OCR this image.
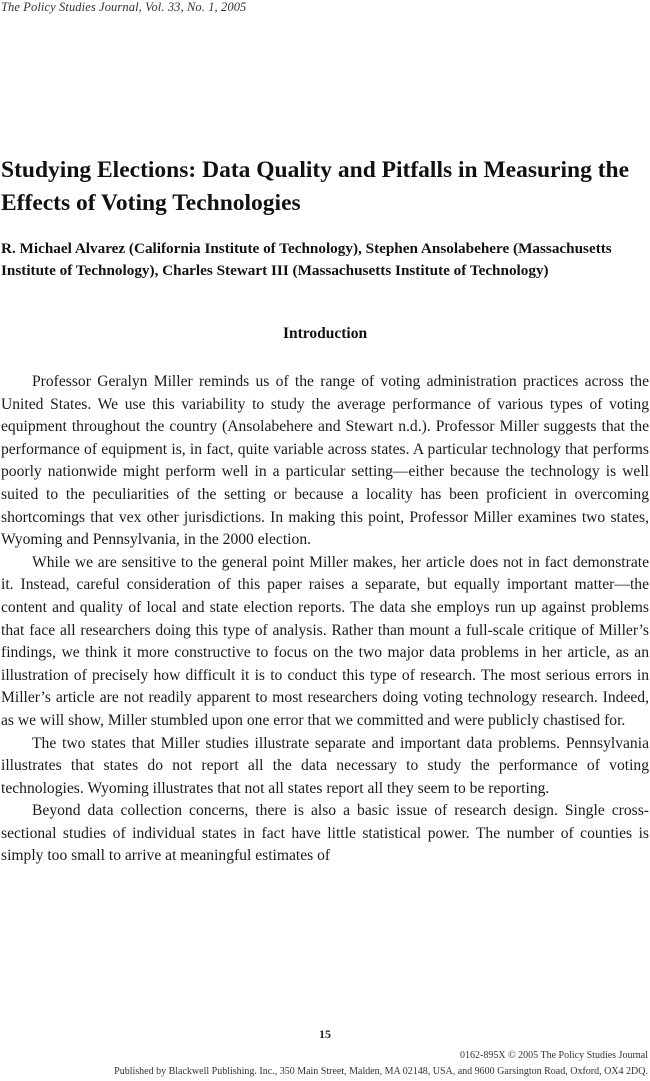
The Policy Studies Journal, Vol. 33, No. 1, 2005
Studying Elections: Data Quality and Pitfalls in Measuring the Effects of Voting Technologies

R. Michael Alvarez (California Institute of Technology), Stephen Ansolabehere (Massachusetts Institute of Technology), Charles Stewart III (Massachusetts Institute of Technology)

Introduction

Professor Geralyn Miller reminds us of the range of voting administration practices across the United States. We use this variability to study the average performance of various types of voting equipment throughout the country (Ansolabehere and Stewart n.d.). Professor Miller suggests that the performance of equipment is, in fact, quite variable across states. A particular technology that performs poorly nationwide might perform well in a particular setting—either because the technology is well suited to the peculiarities of the setting or because a locality has been proficient in overcoming shortcomings that vex other jurisdictions. In making this point, Professor Miller examines two states, Wyoming and Pennsylvania, in the 2000 election.

While we are sensitive to the general point Miller makes, her article does not in fact demonstrate it. Instead, careful consideration of this paper raises a separate, but equally important matter—the content and quality of local and state election reports. The data she employs run up against problems that face all researchers doing this type of analysis. Rather than mount a full-scale critique of Miller’s findings, we think it more constructive to focus on the two major data problems in her article, as an illustration of precisely how difficult it is to conduct this type of research. The most serious errors in Miller’s article are not readily apparent to most researchers doing voting technology research. Indeed, as we will show, Miller stumbled upon one error that we committed and were publicly chastised for.

The two states that Miller studies illustrate separate and important data problems. Pennsylvania illustrates that states do not report all the data necessary to study the performance of voting technologies. Wyoming illustrates that not all states report all they seem to be reporting.

Beyond data collection concerns, there is also a basic issue of research design. Single cross-sectional studies of individual states in fact have little statistical power. The number of counties is simply too small to arrive at meaningful estimates of

15
0162-895X © 2005 The Policy Studies Journal
Published by Blackwell Publishing. Inc., 350 Main Street, Malden, MA 02148, USA, and 9600 Garsington Road, Oxford, OX4 2DQ.
